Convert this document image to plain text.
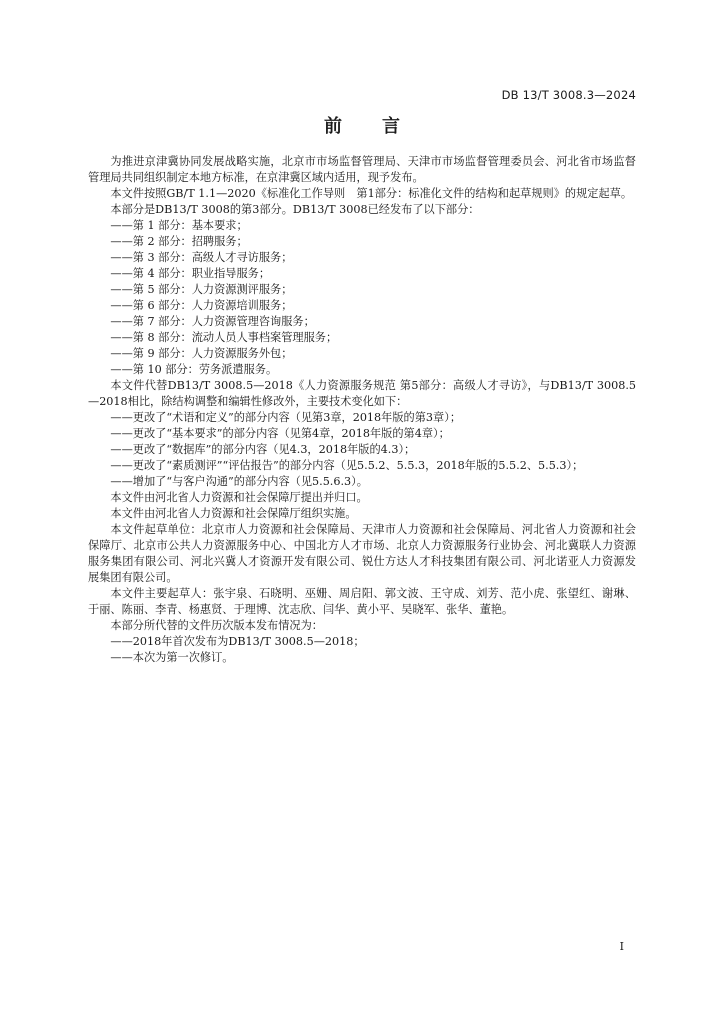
DB 13/T 3008.3—2024
前言

为推进京津冀协同发展战略实施，北京市市场监督管理局、天津市市场监督管理委员会、河北省市场监督管理局共同组织制定本地方标准，在京津冀区域内适用，现予发布。

本文件按照GB/T 1.1—2020《标准化工作导则　第1部分：标准化文件的结构和起草规则》的规定起草。

本部分是DB13/T 3008的第3部分。DB13/T 3008已经发布了以下部分：

——第 1 部分：基本要求；

——第 2 部分：招聘服务；

——第 3 部分：高级人才寻访服务；

——第 4 部分：职业指导服务；

——第 5 部分：人力资源测评服务；

——第 6 部分：人力资源培训服务；

——第 7 部分：人力资源管理咨询服务；

——第 8 部分：流动人员人事档案管理服务；

——第 9 部分：人力资源服务外包；

——第 10 部分：劳务派遣服务。

本文件代替DB13/T 3008.5—2018《人力资源服务规范 第5部分：高级人才寻访》，与DB13/T 3008.5—2018相比，除结构调整和编辑性修改外，主要技术变化如下：

——更改了“术语和定义”的部分内容（见第3章，2018年版的第3章）；

——更改了“基本要求”的部分内容（见第4章，2018年版的第4章）；

——更改了“数据库”的部分内容（见4.3，2018年版的4.3）；

——更改了“素质测评”“评估报告”的部分内容（见5.5.2、5.5.3，2018年版的5.5.2、5.5.3）；

——增加了“与客户沟通”的部分内容（见5.5.6.3）。

本文件由河北省人力资源和社会保障厅提出并归口。

本文件由河北省人力资源和社会保障厅组织实施。

本文件起草单位：北京市人力资源和社会保障局、天津市人力资源和社会保障局、河北省人力资源和社会保障厅、北京市公共人力资源服务中心、中国北方人才市场、北京人力资源服务行业协会、河北冀联人力资源服务集团有限公司、河北兴冀人才资源开发有限公司、锐仕方达人才科技集团有限公司、河北诺亚人力资源发展集团有限公司。

本文件主要起草人：张宇泉、石晓明、巫姗、周启阳、郭文波、王守成、刘芳、范小虎、张望红、谢琳、于丽、陈丽、李青、杨惠贤、于理博、沈志欣、闫华、黄小平、吴晓军、张华、董艳。

本部分所代替的文件历次版本发布情况为：

——2018年首次发布为DB13/T 3008.5—2018；

——本次为第一次修订。

I
